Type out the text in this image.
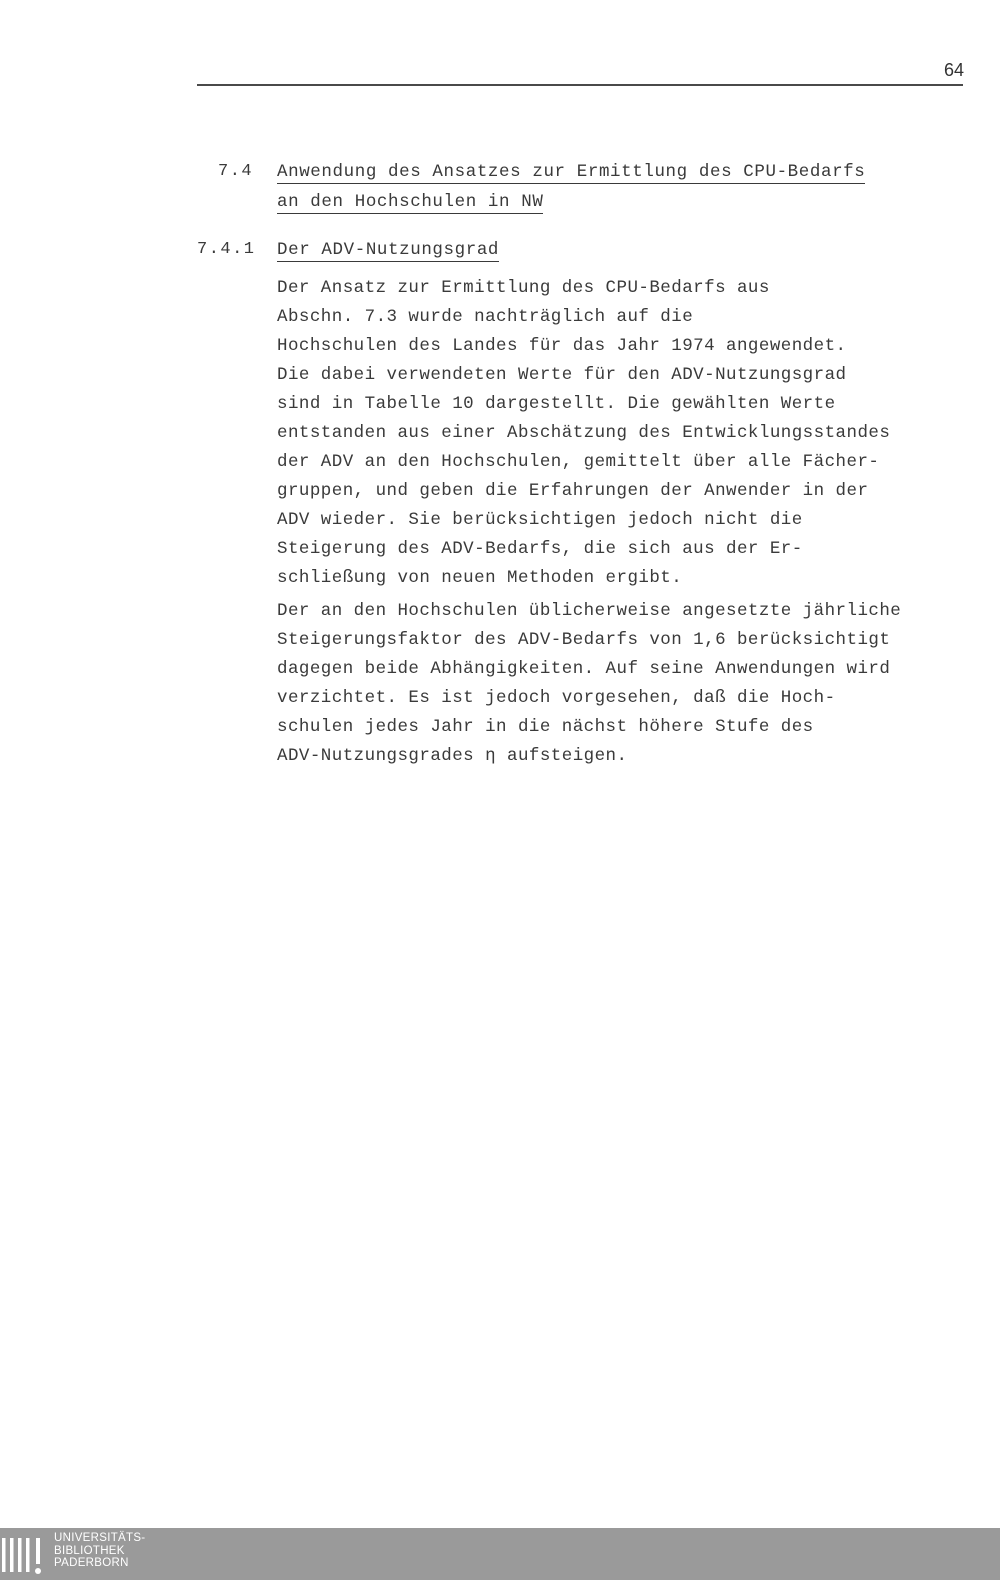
64
7.4 Anwendung des Ansatzes zur Ermittlung des CPU-Bedarfs
an den Hochschulen in NW
7.4.1 Der ADV-Nutzungsgrad

Der Ansatz zur Ermittlung des CPU-Bedarfs aus
Abschn. 7.3 wurde nachträglich auf die
Hochschulen des Landes für das Jahr 1974 angewendet.
Die dabei verwendeten Werte für den ADV-Nutzungsgrad
sind in Tabelle 10 dargestellt. Die gewählten Werte
entstanden aus einer Abschätzung des Entwicklungsstandes
der ADV an den Hochschulen, gemittelt über alle Fächer-
gruppen, und geben die Erfahrungen der Anwender in der
ADV wieder. Sie berücksichtigen jedoch nicht die
Steigerung des ADV-Bedarfs, die sich aus der Er-
schließung von neuen Methoden ergibt.

Der an den Hochschulen üblicherweise angesetzte jährliche
Steigerungsfaktor des ADV-Bedarfs von 1,6 berücksichtigt
dagegen beide Abhängigkeiten. Auf seine Anwendungen wird
verzichtet. Es ist jedoch vorgesehen, daß die Hoch-
schulen jedes Jahr in die nächst höhere Stufe des
ADV-Nutzungsgrades η aufsteigen.

UNIVERSITÄTS-
BIBLIOTHEK
PADERBORN
